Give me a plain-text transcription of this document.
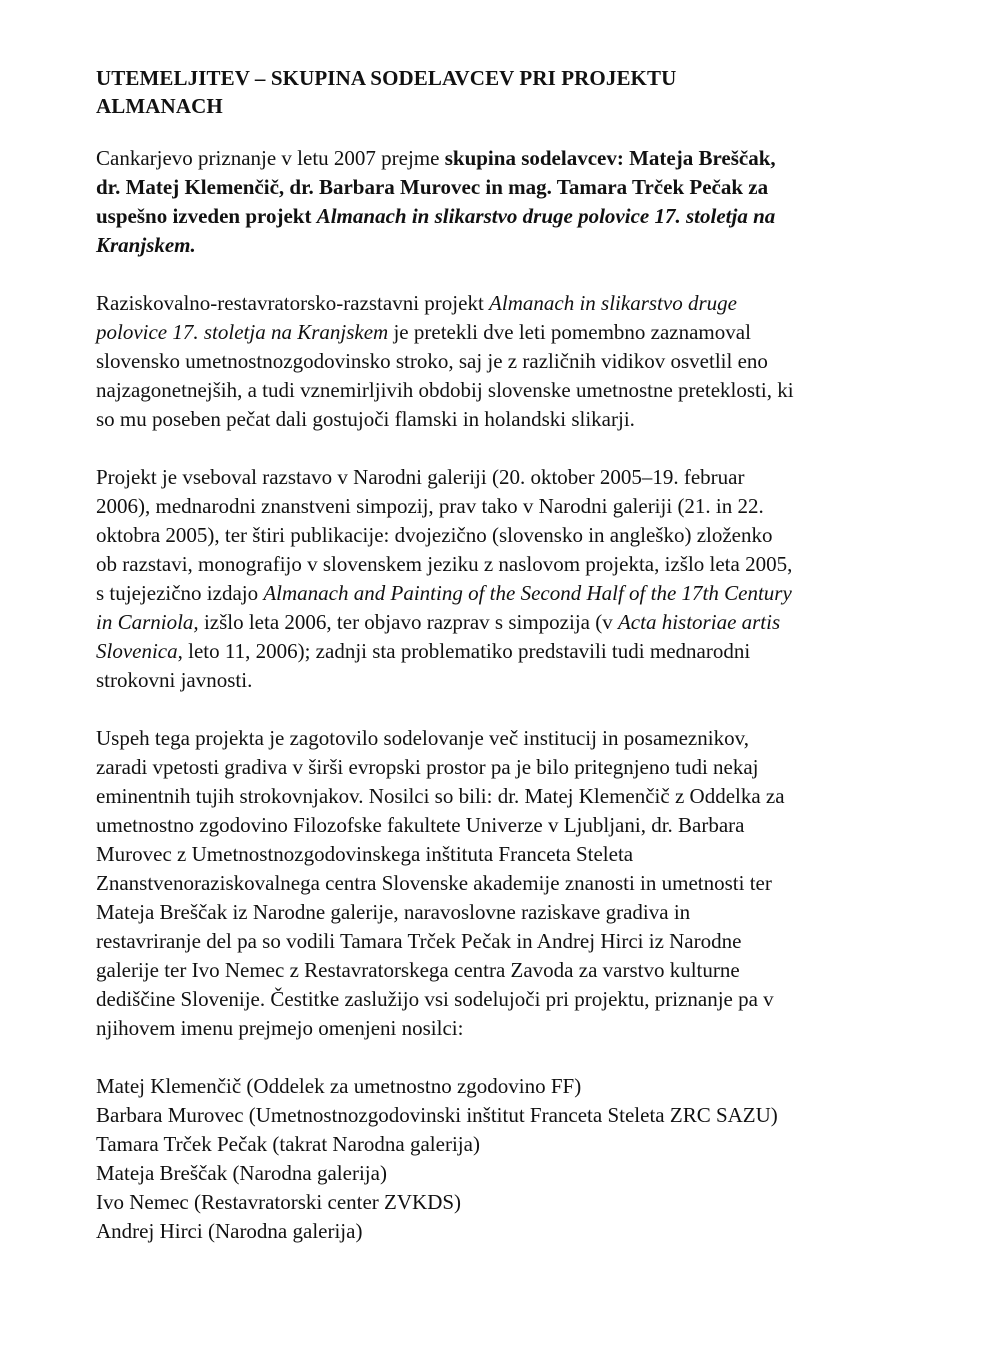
UTEMELJITEV – SKUPINA SODELAVCEV PRI PROJEKTU
ALMANACH

Cankarjevo priznanje v letu 2007 prejme skupina sodelavcev: Mateja Breščak,
dr. Matej Klemenčič, dr. Barbara Murovec in mag. Tamara Trček Pečak za
uspešno izveden projekt Almanach in slikarstvo druge polovice 17. stoletja na
Kranjskem.

Raziskovalno-restavratorsko-razstavni projekt Almanach in slikarstvo druge
polovice 17. stoletja na Kranjskem je pretekli dve leti pomembno zaznamoval
slovensko umetnostnozgodovinsko stroko, saj je z različnih vidikov osvetlil eno
najzagonetnejših, a tudi vznemirljivih obdobij slovenske umetnostne preteklosti, ki
so mu poseben pečat dali gostujoči flamski in holandski slikarji.

Projekt je vseboval razstavo v Narodni galeriji (20. oktober 2005–19. februar
2006), mednarodni znanstveni simpozij, prav tako v Narodni galeriji (21. in 22.
oktobra 2005), ter štiri publikacije: dvojezično (slovensko in angleško) zloženko
ob razstavi, monografijo v slovenskem jeziku z naslovom projekta, izšlo leta 2005,
s tujejezično izdajo Almanach and Painting of the Second Half of the 17th Century
in Carniola, izšlo leta 2006, ter objavo razprav s simpozija (v Acta historiae artis
Slovenica, leto 11, 2006); zadnji sta problematiko predstavili tudi mednarodni
strokovni javnosti.

Uspeh tega projekta je zagotovilo sodelovanje več institucij in posameznikov,
zaradi vpetosti gradiva v širši evropski prostor pa je bilo pritegnjeno tudi nekaj
eminentnih tujih strokovnjakov. Nosilci so bili: dr. Matej Klemenčič z Oddelka za
umetnostno zgodovino Filozofske fakultete Univerze v Ljubljani, dr. Barbara
Murovec z Umetnostnozgodovinskega inštituta Franceta Steleta
Znanstvenoraziskovalnega centra Slovenske akademije znanosti in umetnosti ter
Mateja Breščak iz Narodne galerije, naravoslovne raziskave gradiva in
restavriranje del pa so vodili Tamara Trček Pečak in Andrej Hirci iz Narodne
galerije ter Ivo Nemec z Restavratorskega centra Zavoda za varstvo kulturne
dediščine Slovenije. Čestitke zaslužijo vsi sodelujoči pri projektu, priznanje pa v
njihovem imenu prejmejo omenjeni nosilci:

Matej Klemenčič (Oddelek za umetnostno zgodovino FF)
Barbara Murovec (Umetnostnozgodovinski inštitut Franceta Steleta ZRC SAZU)
Tamara Trček Pečak (takrat Narodna galerija)
Mateja Breščak (Narodna galerija)
Ivo Nemec (Restavratorski center ZVKDS)
Andrej Hirci (Narodna galerija)
